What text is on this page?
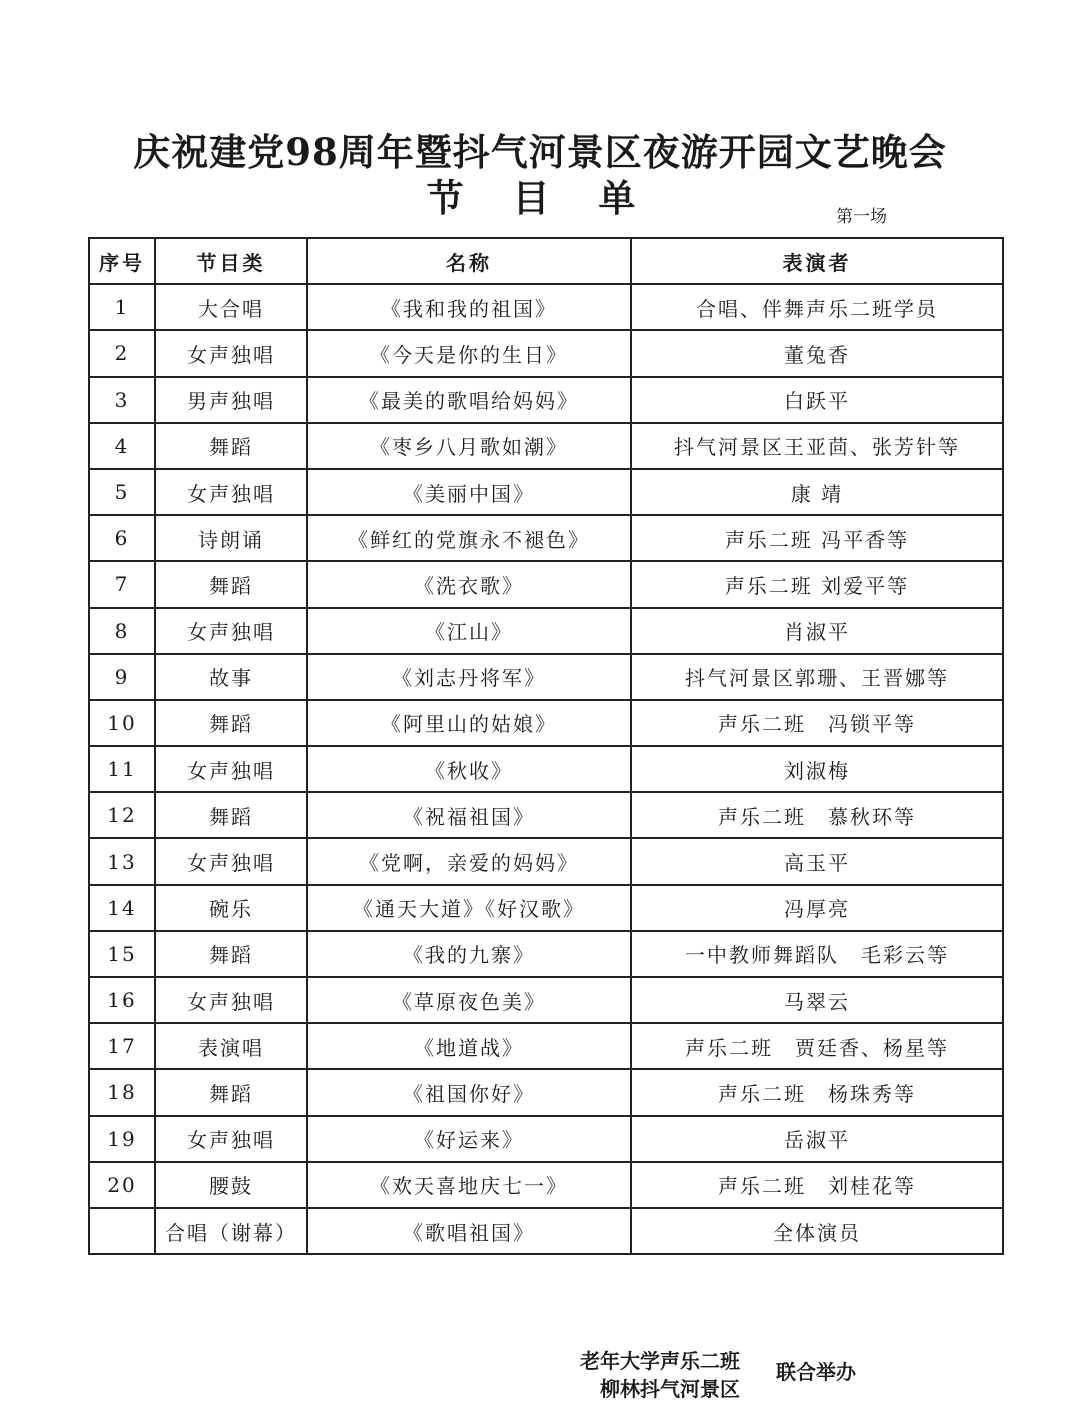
庆祝建党98周年暨抖气河景区夜游开园文艺晚会
节 目 单	第一场
序号	节目类	名称	表演者
1	大合唱	《我和我的祖国》	合唱、伴舞声乐二班学员
2	女声独唱	《今天是你的生日》	董兔香
3	男声独唱	《最美的歌唱给妈妈》	白跃平
4	舞蹈	《枣乡八月歌如潮》	抖气河景区王亚茴、张芳针等
5	女声独唱	《美丽中国》	康 靖
6	诗朗诵	《鲜红的党旗永不褪色》	声乐二班 冯平香等
7	舞蹈	《洗衣歌》	声乐二班 刘爱平等
8	女声独唱	《江山》	肖淑平
9	故事	《刘志丹将军》	抖气河景区郭珊、王晋娜等
10	舞蹈	《阿里山的姑娘》	声乐二班　冯锁平等
11	女声独唱	《秋收》	刘淑梅
12	舞蹈	《祝福祖国》	声乐二班　慕秋环等
13	女声独唱	《党啊，亲爱的妈妈》	高玉平
14	碗乐	《通天大道》《好汉歌》	冯厚亮
15	舞蹈	《我的九寨》	一中教师舞蹈队　毛彩云等
16	女声独唱	《草原夜色美》	马翠云
17	表演唱	《地道战》	声乐二班　贾廷香、杨星等
18	舞蹈	《祖国你好》	声乐二班　杨珠秀等
19	女声独唱	《好运来》	岳淑平
20	腰鼓	《欢天喜地庆七一》	声乐二班　刘桂花等
	合唱（谢幕）	《歌唱祖国》	全体演员
老年大学声乐二班
柳林抖气河景区
联合举办
